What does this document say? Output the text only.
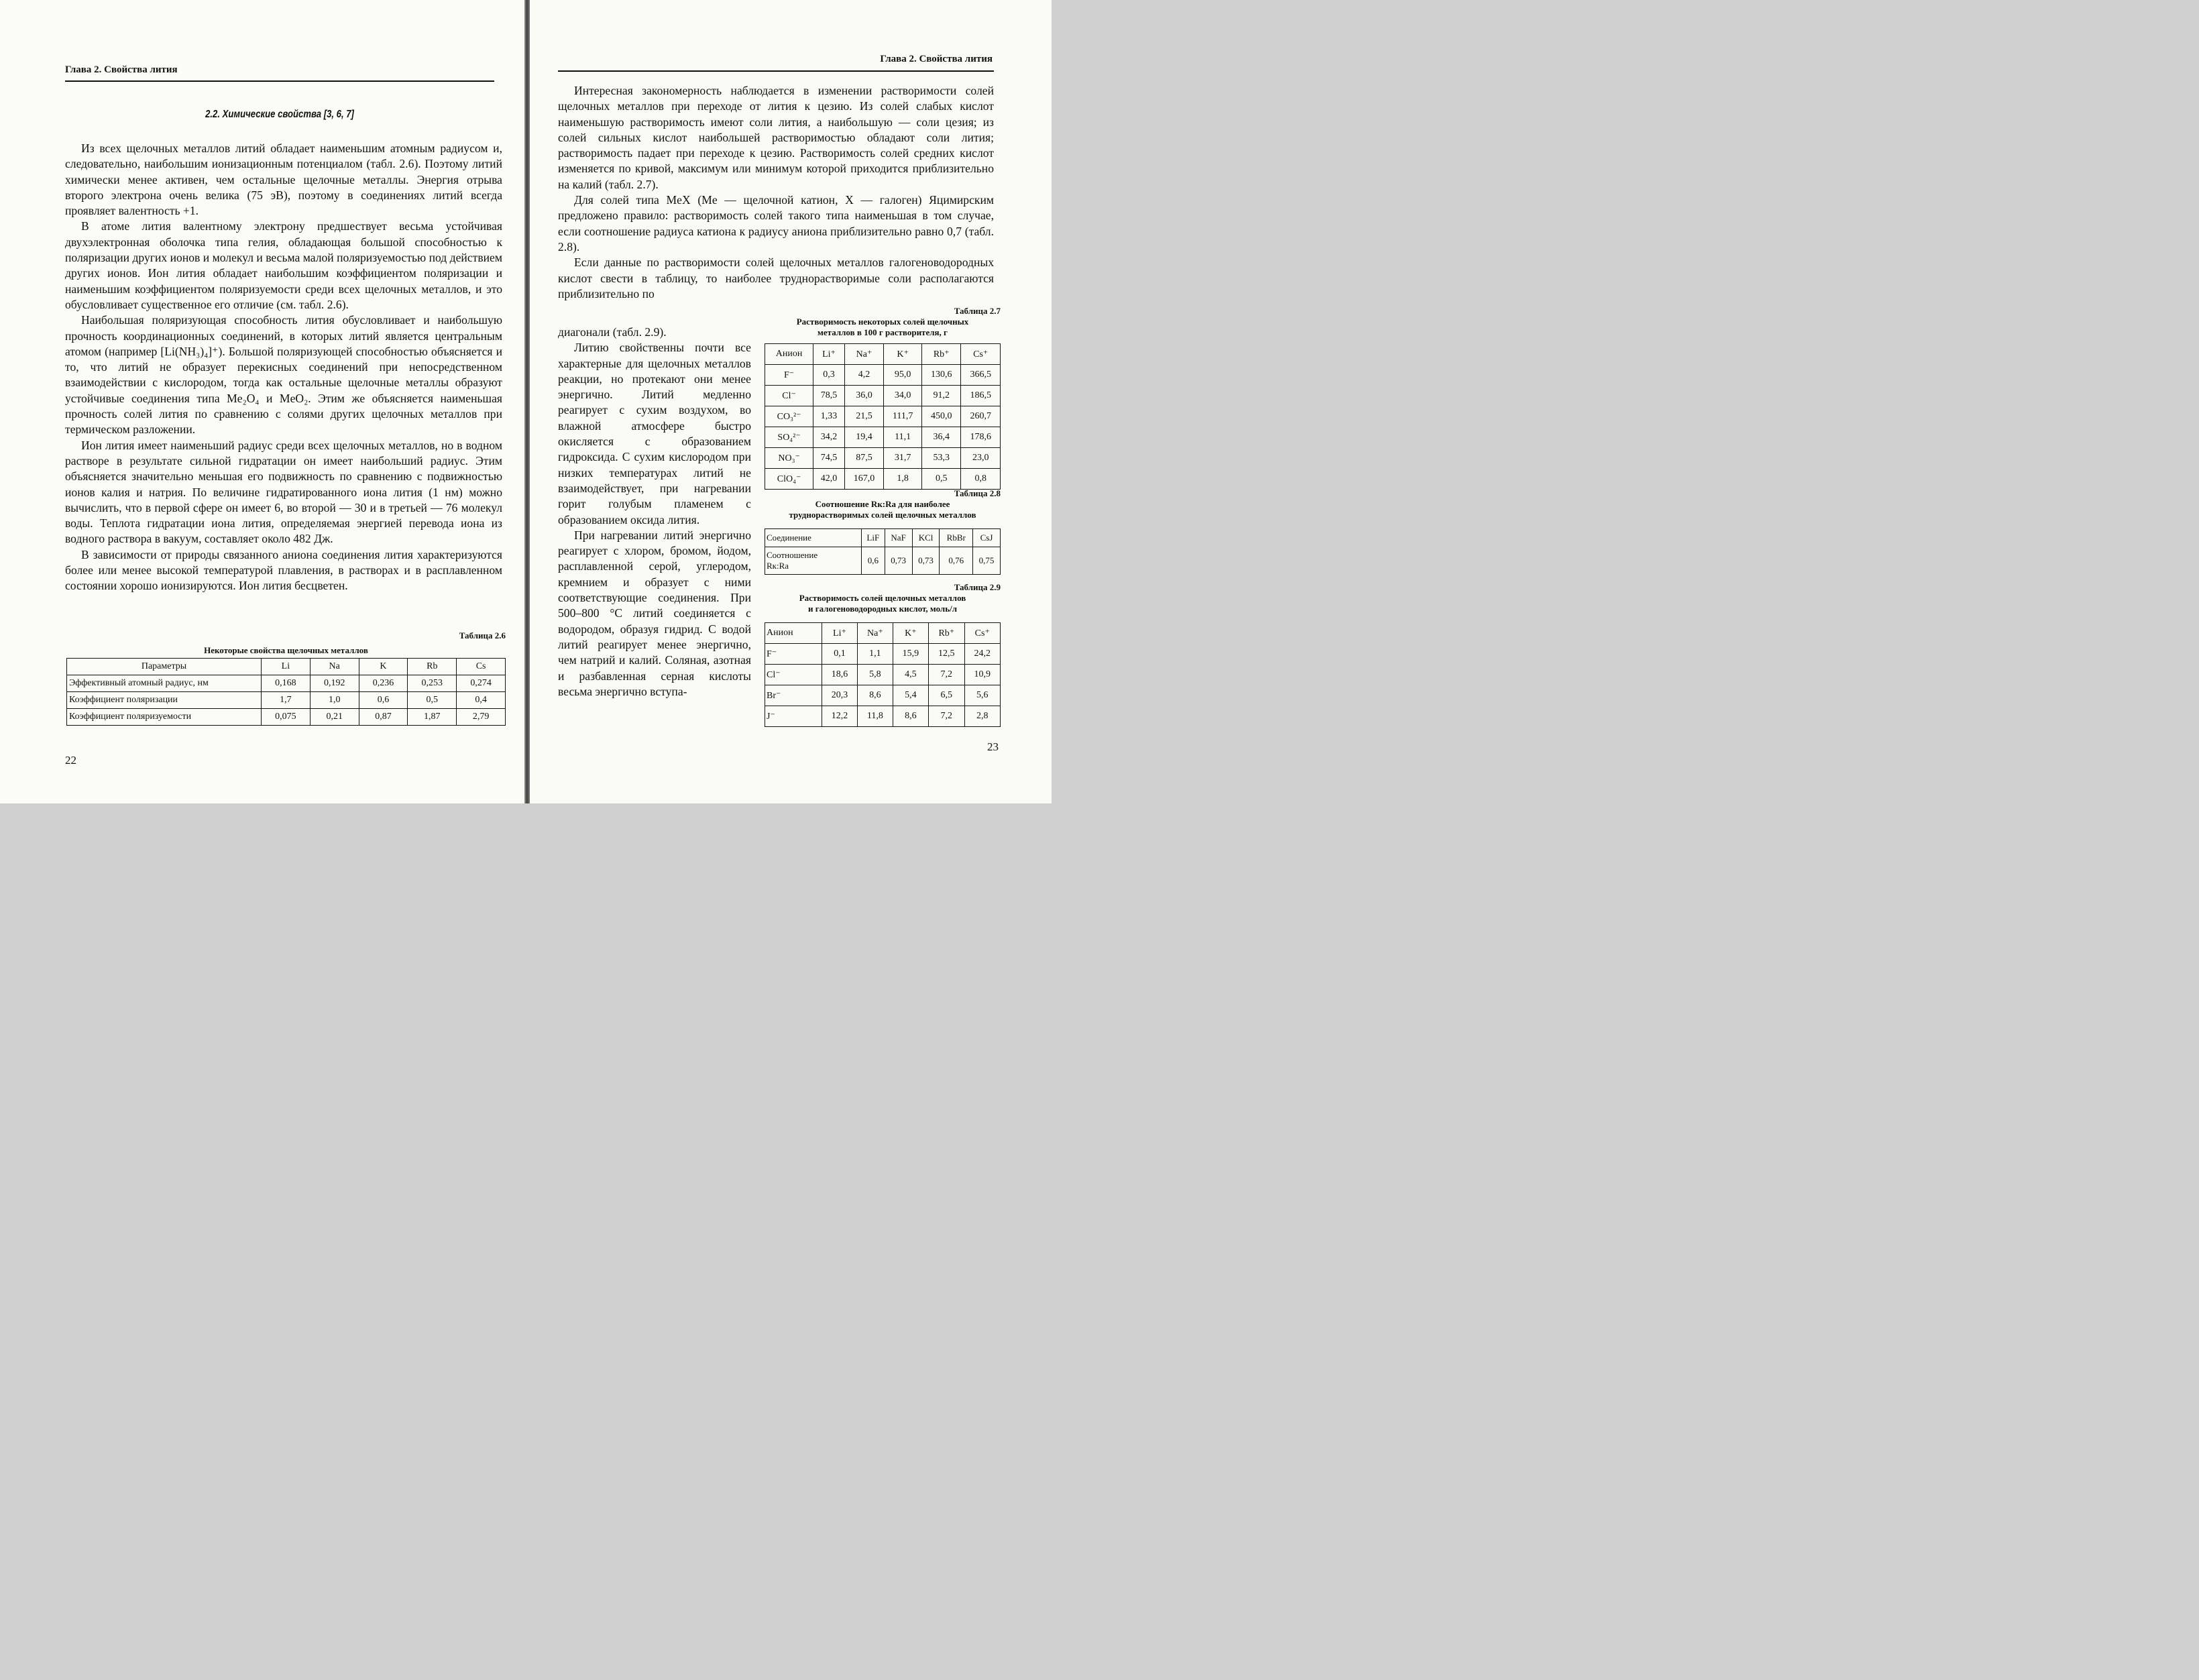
Глава 2. Свойства лития
2.2. Химические свойства [3, 6, 7]

Из всех щелочных металлов литий обладает наименьшим атомным радиусом и, следовательно, наибольшим ионизационным потенциалом (табл. 2.6). Поэтому литий химически менее активен, чем остальные щелочные металлы. Энергия отрыва второго электрона очень велика (75 эВ), поэтому в соединениях литий всегда проявляет валентность +1.

В атоме лития валентному электрону предшествует весьма устойчивая двухэлектронная оболочка типа гелия, обладающая большой способностью к поляризации других ионов и молекул и весьма малой поляризуемостью под действием других ионов. Ион лития обладает наибольшим коэффициентом поляризации и наименьшим коэффициентом поляризуемости среди всех щелочных металлов, и это обусловливает существенное его отличие (см. табл. 2.6).

Наибольшая поляризующая способность лития обусловливает и наибольшую прочность координационных соединений, в которых литий является центральным атомом (например [Li(NH₃)₄]⁺). Большой поляризующей способностью объясняется и то, что литий не образует перекисных соединений при непосредственном взаимодействии с кислородом, тогда как остальные щелочные металлы образуют устойчивые соединения типа Me₂O₄ и MeO₂. Этим же объясняется наименьшая прочность солей лития по сравнению с солями других щелочных металлов при термическом разложении.

Ион лития имеет наименьший радиус среди всех щелочных металлов, но в водном растворе в результате сильной гидратации он имеет наибольший радиус. Этим объясняется значительно меньшая его подвижность по сравнению с подвижностью ионов калия и натрия. По величине гидратированного иона лития (1 нм) можно вычислить, что в первой сфере он имеет 6, во второй — 30 и в третьей — 76 молекул воды. Теплота гидратации иона лития, определяемая энергией перевода иона из водного раствора в вакуум, составляет около 482 Дж.

В зависимости от природы связанного аниона соединения лития характеризуются более или менее высокой температурой плавления, в растворах и в расплавленном состоянии хорошо ионизируются. Ион лития бесцветен.

Таблица 2.6
Некоторые свойства щелочных металлов
Параметры	Li	Na	K	Rb	Cs
Эффективный атомный радиус, нм	0,168	0,192	0,236	0,253	0,274
Коэффициент поляризации	1,7	1,0	0,6	0,5	0,4
Коэффициент поляризуемости	0,075	0,21	0,87	1,87	2,79
22
Глава 2. Свойства лития

Интересная закономерность наблюдается в изменении растворимости солей щелочных металлов при переходе от лития к цезию. Из солей слабых кислот наименьшую растворимость имеют соли лития, а наибольшую — соли цезия; из солей сильных кислот наибольшей растворимостью обладают соли лития; растворимость падает при переходе к цезию. Растворимость солей средних кислот изменяется по кривой, максимум или минимум которой приходится приблизительно на калий (табл. 2.7).

Для солей типа MeX (Me — щелочной катион, X — галоген) Яцимирским предложено правило: растворимость солей такого типа наименьшая в том случае, если соотношение радиуса катиона к радиусу аниона приблизительно равно 0,7 (табл. 2.8).

Если данные по растворимости солей щелочных металлов галогеноводородных кислот свести в таблицу, то наиболее труднорастворимые соли располагаются приблизительно по

диагонали (табл. 2.9).

Литию свойственны почти все характерные для щелочных металлов реакции, но протекают они менее энергично. Литий медленно реагирует с сухим воздухом, во влажной атмосфере быстро окисляется с образованием гидроксида. С сухим кислородом при низких температурах литий не взаимодействует, при нагревании горит голубым пламенем с образованием оксида лития.

При нагревании литий энергично реагирует с хлором, бромом, йодом, расплавленной серой, углеродом, кремнием и образует с ними соответствующие соединения. При 500–800 °C литий соединяется с водородом, образуя гидрид. С водой литий реагирует менее энергично, чем натрий и калий. Соляная, азотная и разбавленная серная кислоты весьма энергично вступа-

Таблица 2.7
Растворимость некоторых солей щелочных
металлов в 100 г растворителя, г
Анион	Li⁺	Na⁺	K⁺	Rb⁺	Cs⁺
F⁻	0,3	4,2	95,0	130,6	366,5
Cl⁻	78,5	36,0	34,0	91,2	186,5
CO₃²⁻	1,33	21,5	111,7	450,0	260,7
SO₄²⁻	34,2	19,4	11,1	36,4	178,6
NO₃⁻	74,5	87,5	31,7	53,3	23,0
ClO₄⁻	42,0	167,0	1,8	0,5	0,8
Таблица 2.8
Соотношение Rк:Rа для наиболее
труднорастворимых солей щелочных металлов
Соединение	LiF	NaF	KCl	RbBr	CsJ

Соотношение
Rк:Rа	0,6	0,73	0,73	0,76	0,75
Таблица 2.9
Растворимость солей щелочных металлов
и галогеноводородных кислот, моль/л
Анион	Li⁺	Na⁺	K⁺	Rb⁺	Cs⁺
F⁻	0,1	1,1	15,9	12,5	24,2
Cl⁻	18,6	5,8	4,5	7,2	10,9
Br⁻	20,3	8,6	5,4	6,5	5,6
J⁻	12,2	11,8	8,6	7,2	2,8
23
